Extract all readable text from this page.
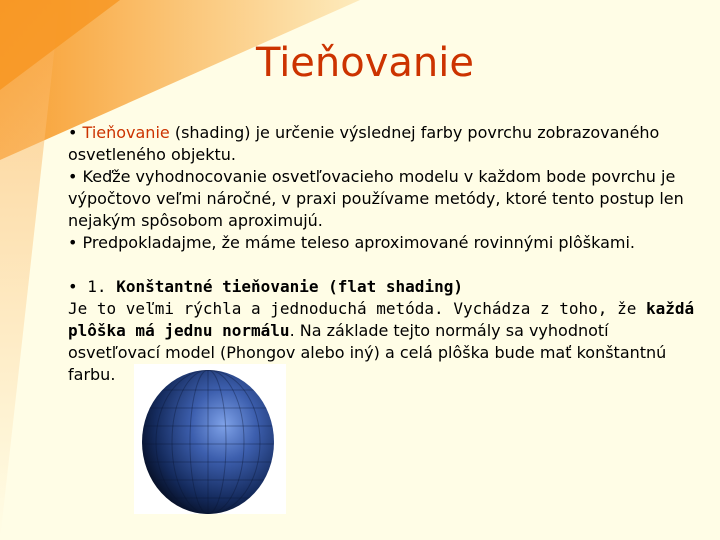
Tieňovanie

• Tieňovanie (shading) je určenie výslednej farby povrchu zobrazovaného osvetleného objektu.

• Keďže vyhodnocovanie osvetľovacieho modelu v každom bode povrchu je výpočtovo veľmi náročné, v praxi používame metódy, ktoré tento postup len nejakým spôsobom aproximujú.

• Predpokladajme, že máme teleso aproximované rovinnými plôškami.

• 1. Konštantné tieňovanie (flat shading)

Je to veľmi rýchla a jednoduchá metóda. Vychádza z toho, že každá plôška má jednu normálu. Na základe tejto normály sa vyhodnotí osvetľovací model (Phongov alebo iný) a celá plôška bude mať konštantnú farbu.
